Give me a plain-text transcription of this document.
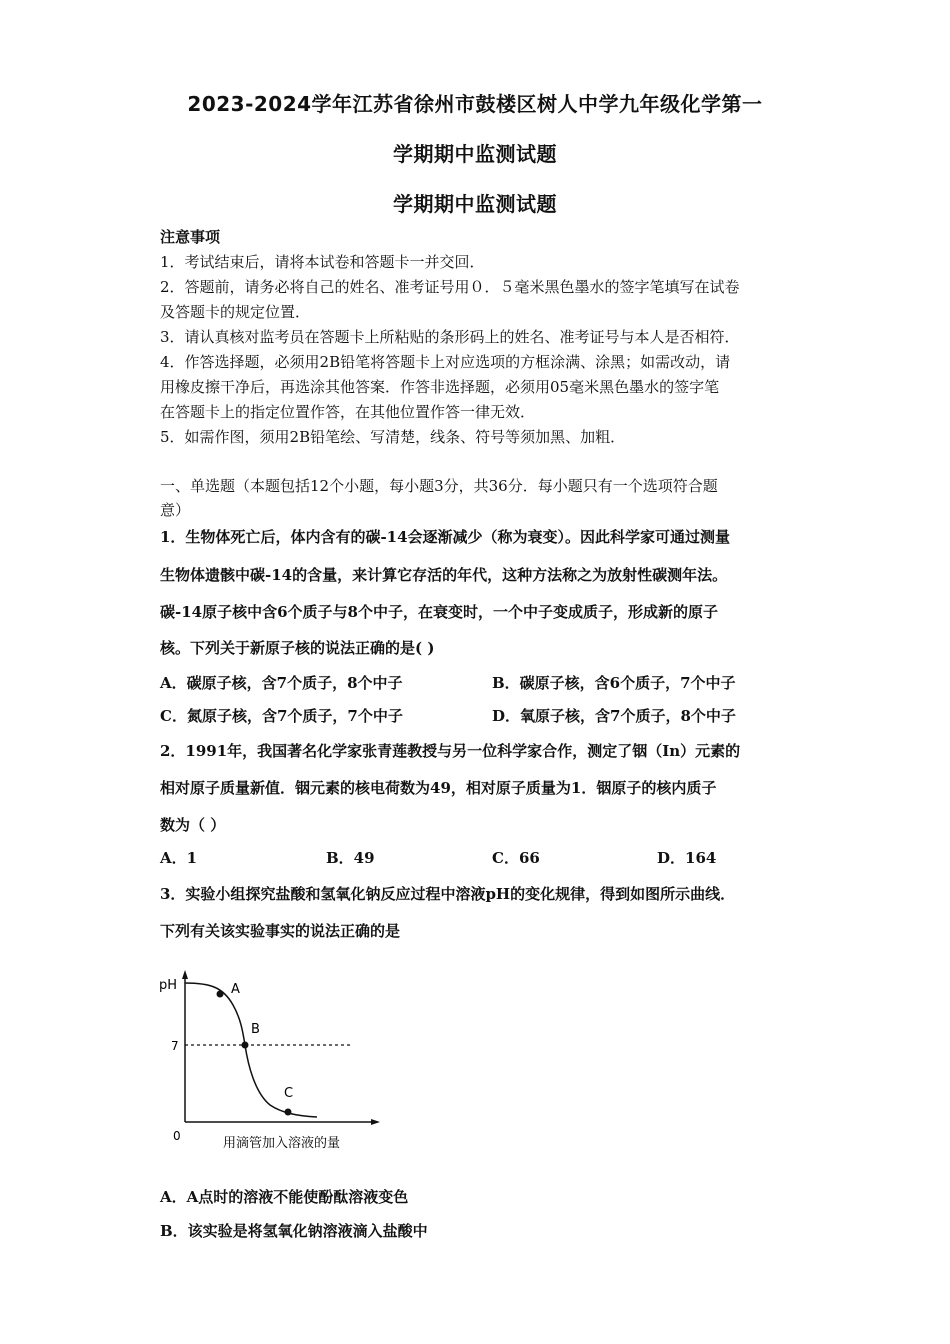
2023-2024学年江苏省徐州市鼓楼区树人中学九年级化学第一
学期期中监测试题
学期期中监测试题
注意事项
1．考试结束后，请将本试卷和答题卡一并交回．
2．答题前，请务必将自己的姓名、准考证号用０．５毫米黑色墨水的签字笔填写在试卷
及答题卡的规定位置．
3．请认真核对监考员在答题卡上所粘贴的条形码上的姓名、准考证号与本人是否相符．
4．作答选择题，必须用2B铅笔将答题卡上对应选项的方框涂满、涂黑；如需改动，请
用橡皮擦干净后，再选涂其他答案．作答非选择题，必须用05毫米黑色墨水的签字笔
在答题卡上的指定位置作答，在其他位置作答一律无效．
5．如需作图，须用2B铅笔绘、写清楚，线条、符号等须加黑、加粗．
一、单选题（本题包括12个小题，每小题3分，共36分．每小题只有一个选项符合题
意）
1．生物体死亡后，体内含有的碳-14会逐渐减少（称为衰变）。因此科学家可通过测量
生物体遗骸中碳-14的含量，来计算它存活的年代，这种方法称之为放射性碳测年法。
碳-14原子核中含6个质子与8个中子，在衰变时，一个中子变成质子，形成新的原子
核。下列关于新原子核的说法正确的是( )
A．碳原子核，含7个质子，8个中子	B．碳原子核，含6个质子，7个中子
C．氮原子核，含7个质子，7个中子	D．氧原子核，含7个质子，8个中子
2．1991年，我国著名化学家张青莲教授与另一位科学家合作，测定了铟（In）元素的
相对原子质量新值．铟元素的核电荷数为49，相对原子质量为1．铟原子的核内质子
数为（ ）
A．1	B．49	C．66	D．164
3．实验小组探究盐酸和氢氧化钠反应过程中溶液pH的变化规律，得到如图所示曲线．
下列有关该实验事实的说法正确的是
pH
7
0
A
B
C
用滴管加入溶液的量
A．A点时的溶液不能使酚酞溶液变色
B．该实验是将氢氧化钠溶液滴入盐酸中
